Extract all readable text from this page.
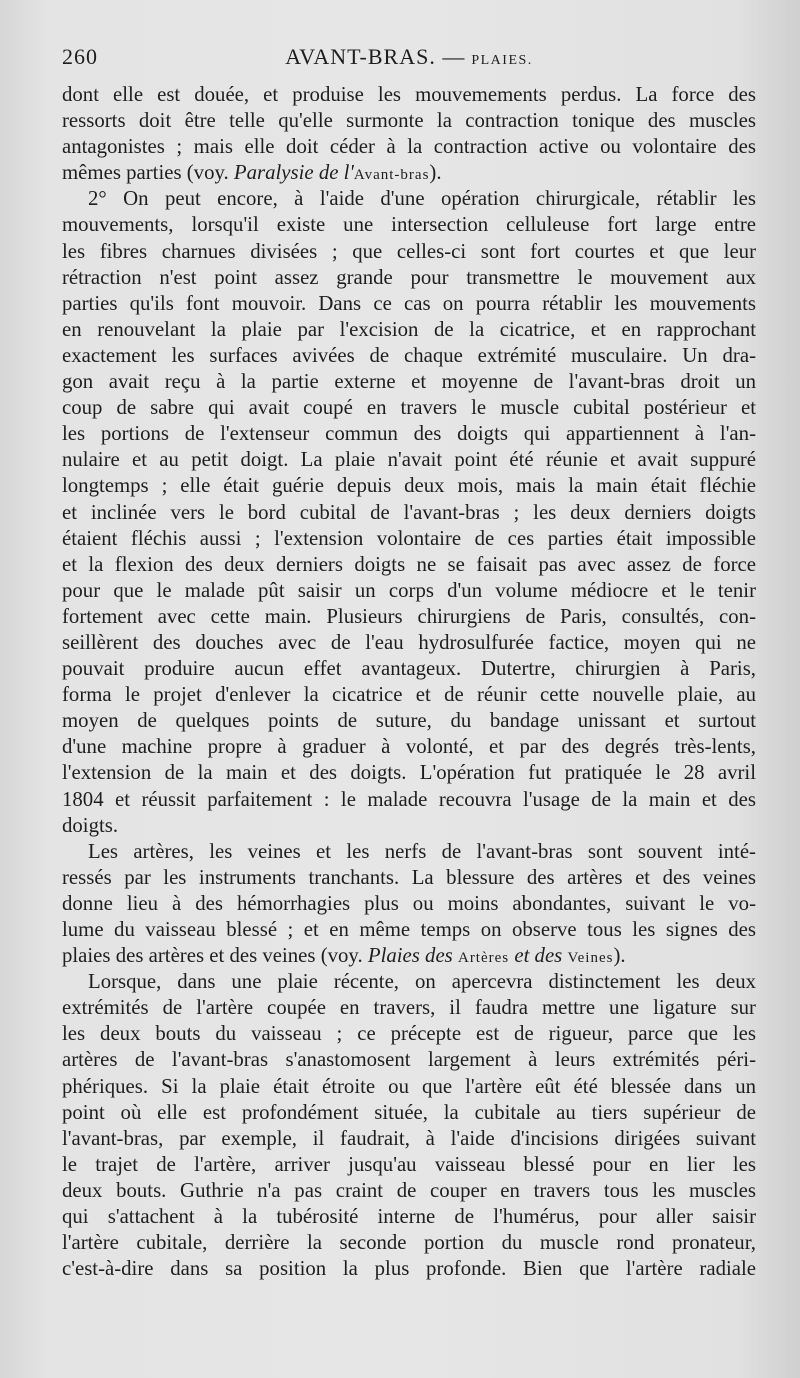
260	AVANT-BRAS. — PLAIES.
dont elle est douée, et produise les mouvemements perdus. La force des
ressorts doit être telle qu'elle surmonte la contraction tonique des muscles
antagonistes ; mais elle doit céder à la contraction active ou volontaire des
mêmes parties (voy. Paralysie de l'Avant-bras).
2° On peut encore, à l'aide d'une opération chirurgicale, rétablir les
mouvements, lorsqu'il existe une intersection celluleuse fort large entre
les fibres charnues divisées ; que celles-ci sont fort courtes et que leur
rétraction n'est point assez grande pour transmettre le mouvement aux
parties qu'ils font mouvoir. Dans ce cas on pourra rétablir les mouvements
en renouvelant la plaie par l'excision de la cicatrice, et en rapprochant
exactement les surfaces avivées de chaque extrémité musculaire. Un dra-
gon avait reçu à la partie externe et moyenne de l'avant-bras droit un
coup de sabre qui avait coupé en travers le muscle cubital postérieur et
les portions de l'extenseur commun des doigts qui appartiennent à l'an-
nulaire et au petit doigt. La plaie n'avait point été réunie et avait suppuré
longtemps ; elle était guérie depuis deux mois, mais la main était fléchie
et inclinée vers le bord cubital de l'avant-bras ; les deux derniers doigts
étaient fléchis aussi ; l'extension volontaire de ces parties était impossible
et la flexion des deux derniers doigts ne se faisait pas avec assez de force
pour que le malade pût saisir un corps d'un volume médiocre et le tenir
fortement avec cette main. Plusieurs chirurgiens de Paris, consultés, con-
seillèrent des douches avec de l'eau hydrosulfurée factice, moyen qui ne
pouvait produire aucun effet avantageux. Dutertre, chirurgien à Paris,
forma le projet d'enlever la cicatrice et de réunir cette nouvelle plaie, au
moyen de quelques points de suture, du bandage unissant et surtout
d'une machine propre à graduer à volonté, et par des degrés très-lents,
l'extension de la main et des doigts. L'opération fut pratiquée le 28 avril
1804 et réussit parfaitement : le malade recouvra l'usage de la main et des
doigts.
Les artères, les veines et les nerfs de l'avant-bras sont souvent inté-
ressés par les instruments tranchants. La blessure des artères et des veines
donne lieu à des hémorrhagies plus ou moins abondantes, suivant le vo-
lume du vaisseau blessé ; et en même temps on observe tous les signes des
plaies des artères et des veines (voy. Plaies des Artères et des Veines).
Lorsque, dans une plaie récente, on apercevra distinctement les deux
extrémités de l'artère coupée en travers, il faudra mettre une ligature sur
les deux bouts du vaisseau ; ce précepte est de rigueur, parce que les
artères de l'avant-bras s'anastomosent largement à leurs extrémités péri-
phériques. Si la plaie était étroite ou que l'artère eût été blessée dans un
point où elle est profondément située, la cubitale au tiers supérieur de
l'avant-bras, par exemple, il faudrait, à l'aide d'incisions dirigées suivant
le trajet de l'artère, arriver jusqu'au vaisseau blessé pour en lier les
deux bouts. Guthrie n'a pas craint de couper en travers tous les muscles
qui s'attachent à la tubérosité interne de l'humérus, pour aller saisir
l'artère cubitale, derrière la seconde portion du muscle rond pronateur,
c'est-à-dire dans sa position la plus profonde. Bien que l'artère radiale
